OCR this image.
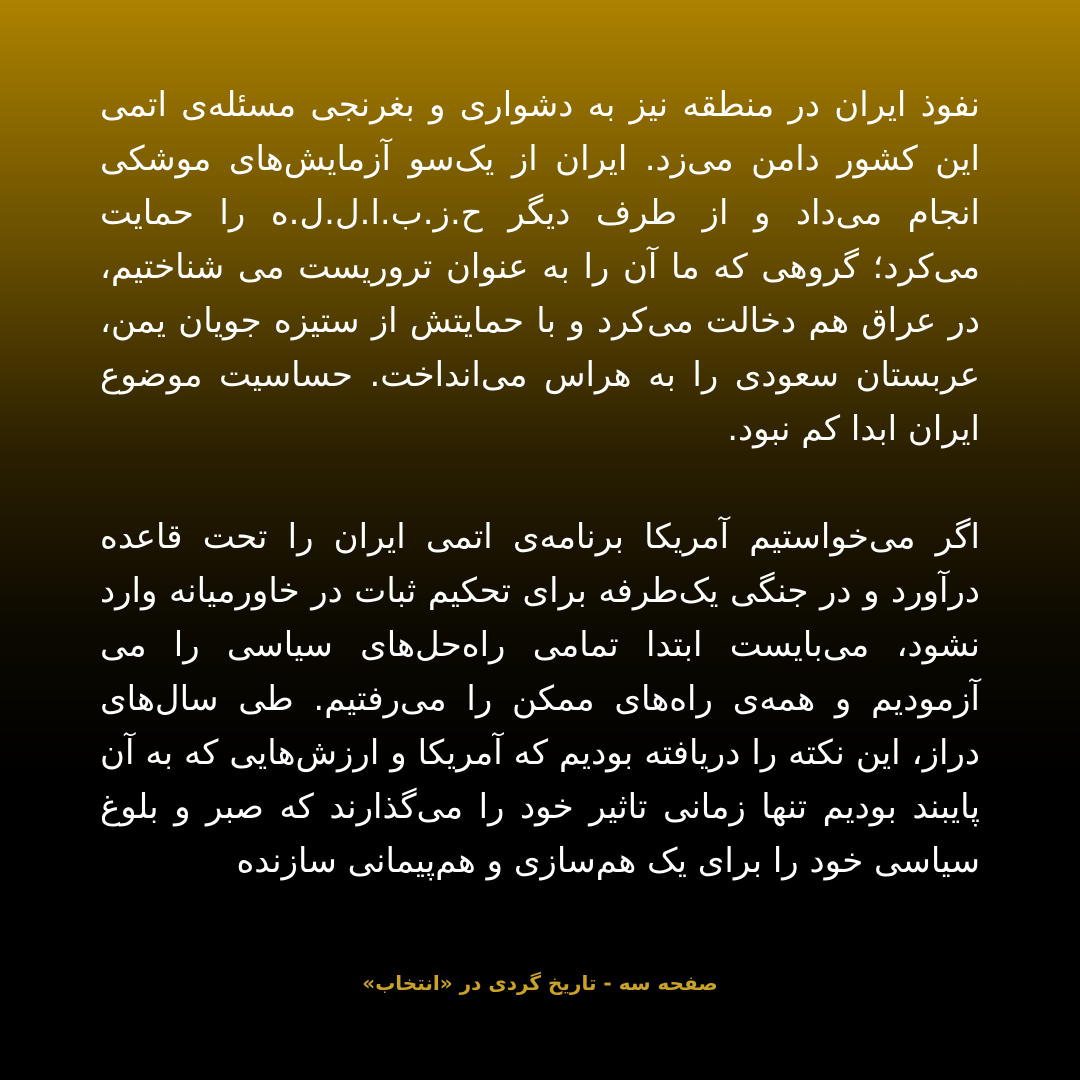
نفوذ ایران در منطقه نیز به دشواری و بغرنجی مسئله‌ی اتمی این کشور دامن می‌زد. ایران از یک‌سو آزمایش‌های موشکی انجام می‌داد و از طرف دیگر ح.ز.ب.ا.ل.ل.ه را حمایت می‌کرد؛ گروهی که ما آن را به عنوان تروریست می شناختیم، در عراق هم دخالت می‌کرد و با حمایتش از ستیزه جویان یمن، عربستان سعودی را به هراس می‌انداخت. حساسیت موضوع ایران ابدا کم نبود.

اگر می‌خواستیم آمریکا برنامه‌ی اتمی ایران را تحت قاعده درآورد و در جنگی یک‌طرفه برای تحکیم ثبات در خاورمیانه وارد نشود، می‌بایست ابتدا تمامی راه‌حل‌های سیاسی را می آزمودیم و همه‌ی راه‌های ممکن را می‌رفتیم. طی سال‌های دراز، این نکته را دریافته بودیم که آمریکا و ارزش‌هایی که به آن پایبند بودیم تنها زمانی تاثیر خود را می‌گذارند که صبر و بلوغ سیاسی خود را برای یک هم‌سازی و هم‌پیمانی سازنده

صفحه سه - تاریخ گردی در «انتخاب»
